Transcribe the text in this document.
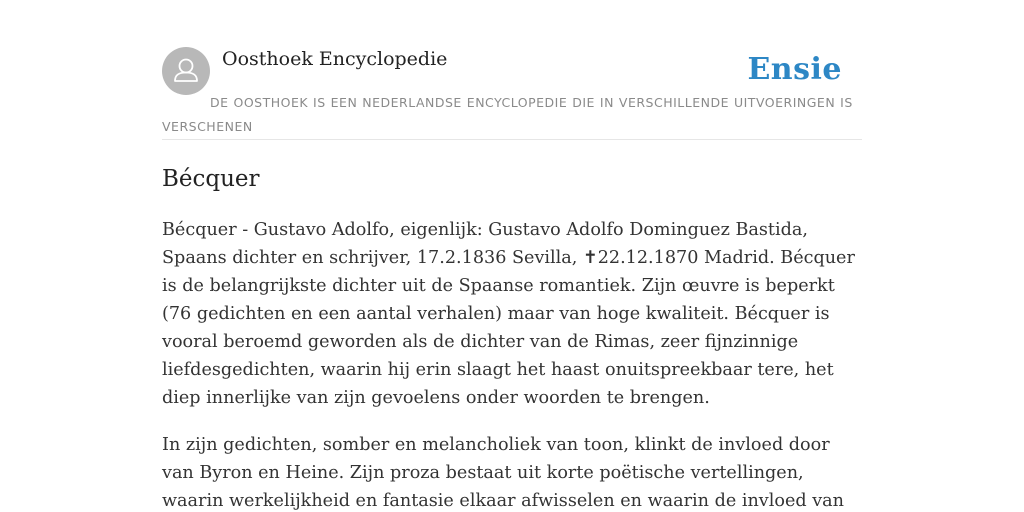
Oosthoek Encyclopedie	Ensie
DE OOSTHOEK IS EEN NEDERLANDSE ENCYCLOPEDIE DIE IN VERSCHILLENDE UITVOERINGEN IS VERSCHENEN
Bécquer

Bécquer - Gustavo Adolfo, eigenlijk: Gustavo Adolfo Dominguez Bastida, Spaans dichter en schrijver, 17.2.1836 Sevilla, ✝22.12.1870 Madrid. Bécquer is de belangrijkste dichter uit de Spaanse romantiek. Zijn œuvre is beperkt (76 gedichten en een aantal verhalen) maar van hoge kwaliteit. Bécquer is vooral beroemd geworden als de dichter van de Rimas, zeer fijnzinnige liefdesgedichten, waarin hij erin slaagt het haast onuitspreekbaar tere, het diep innerlijke van zijn gevoelens onder woorden te brengen.

In zijn gedichten, somber en melancholiek van toon, klinkt de invloed door van Byron en Heine. Zijn proza bestaat uit korte poëtische vertellingen, waarin werkelijkheid en fantasie elkaar afwisselen en waarin de invloed van
